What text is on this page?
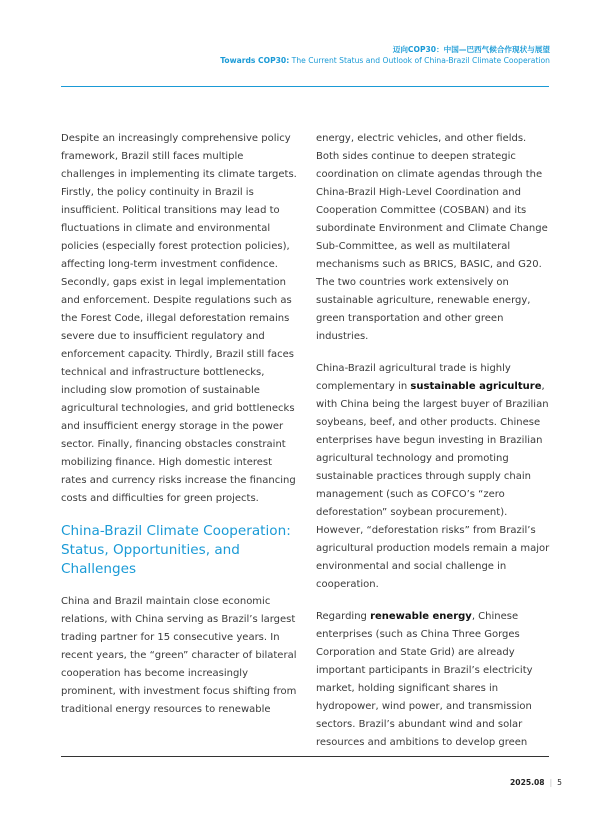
迈向COP30：中国—巴西气候合作现状与展望
Towards COP30: The Current Status and Outlook of China-Brazil Climate Cooperation

Despite an increasingly comprehensive policy framework, Brazil still faces multiple challenges in implementing its climate targets. Firstly, the policy continuity in Brazil is insufficient. Political transitions may lead to fluctuations in climate and environmental policies (especially forest protection policies), affecting long-term investment confidence. Secondly, gaps exist in legal implementation and enforcement. Despite regulations such as the Forest Code, illegal deforestation remains severe due to insufficient regulatory and enforcement capacity. Thirdly, Brazil still faces technical and infrastructure bottlenecks, including slow promotion of sustainable agricultural technologies, and grid bottlenecks and insufficient energy storage in the power sector. Finally, financing obstacles constraint mobilizing finance. High domestic interest rates and currency risks increase the financing costs and difficulties for green projects.

China-Brazil Climate Cooperation: Status, Opportunities, and Challenges

China and Brazil maintain close economic relations, with China serving as Brazil’s largest trading partner for 15 consecutive years. In recent years, the “green” character of bilateral cooperation has become increasingly prominent, with investment focus shifting from traditional energy resources to renewable

energy, electric vehicles, and other fields. Both sides continue to deepen strategic coordination on climate agendas through the China-Brazil High-Level Coordination and Cooperation Committee (COSBAN) and its subordinate Environment and Climate Change Sub-Committee, as well as multilateral mechanisms such as BRICS, BASIC, and G20. The two countries work extensively on sustainable agriculture, renewable energy, green transportation and other green industries.

China-Brazil agricultural trade is highly complementary in sustainable agriculture, with China being the largest buyer of Brazilian soybeans, beef, and other products. Chinese enterprises have begun investing in Brazilian agricultural technology and promoting sustainable practices through supply chain management (such as COFCO’s “zero deforestation” soybean procurement). However, “deforestation risks” from Brazil’s agricultural production models remain a major environmental and social challenge in cooperation.

Regarding renewable energy, Chinese enterprises (such as China Three Gorges Corporation and State Grid) are already important participants in Brazil’s electricity market, holding significant shares in hydropower, wind power, and transmission sectors. Brazil’s abundant wind and solar resources and ambitions to develop green

2025.08 | 5
